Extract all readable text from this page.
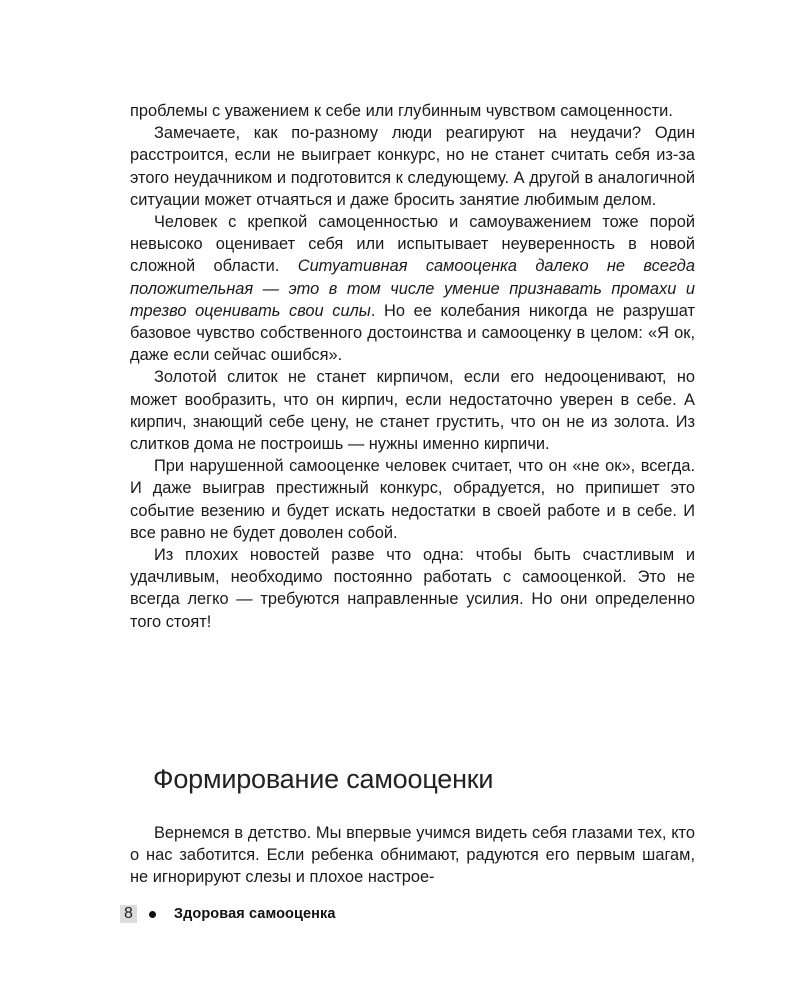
проблемы с уважением к себе или глубинным чувством самоценности.

Замечаете, как по-разному люди реагируют на неудачи? Один расстроится, если не выиграет конкурс, но не станет считать себя из-за этого неудачником и подготовится к следующему. А другой в аналогичной ситуации может отчаяться и даже бросить занятие любимым делом.

Человек с крепкой самоценностью и самоуважением тоже порой невысоко оценивает себя или испытывает неуверенность в новой сложной области. Ситуативная самооценка далеко не всегда положительная — это в том числе умение признавать промахи и трезво оценивать свои силы. Но ее колебания никогда не разрушат базовое чувство собственного достоинства и самооценку в целом: «Я ок, даже если сейчас ошибся».

Золотой слиток не станет кирпичом, если его недооценивают, но может вообразить, что он кирпич, если недостаточно уверен в себе. А кирпич, знающий себе цену, не станет грустить, что он не из золота. Из слитков дома не построишь — нужны именно кирпичи.

При нарушенной самооценке человек считает, что он «не ок», всегда. И даже выиграв престижный конкурс, обрадуется, но припишет это событие везению и будет искать недостатки в своей работе и в себе. И все равно не будет доволен собой.

Из плохих новостей разве что одна: чтобы быть счастливым и удачливым, необходимо постоянно работать с самооценкой. Это не всегда легко — требуются направленные усилия. Но они определенно того стоят!

Формирование самооценки

Вернемся в детство. Мы впервые учимся видеть себя глазами тех, кто о нас заботится. Если ребенка обнимают, радуются его первым шагам, не игнорируют слезы и плохое настрое-

8	Здоровая самооценка
